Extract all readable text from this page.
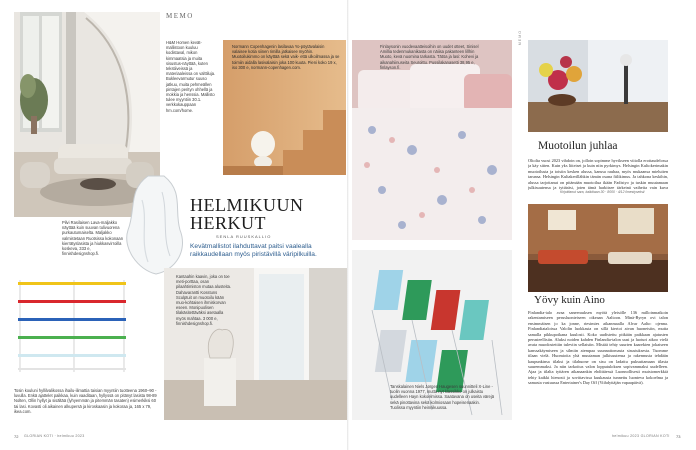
MEMO
H&M Homen kevät-mallistoon kuuluu kodistaval, mikon kimmaatsia ja muita sisustus-näyttää, kuten tekstiiveissä ja materiaaleissa on valttiluja. Bukleevarmutur suuso jatkuu, muita pehmeällen pintajen perityn ohhellä ja mokkia ja henssia. Mallisto tulee myyntiin 30.1. verkkokauppaan hm.com/home.
Normann Copenhagenin lasilavaa Yo-pöytävalaisin valaisee kotia siinen rimilla jatkaisee myöhin. Muotoilukimmo on käyttää sekä vaik- että ulkoilmassa ja se toimiin aidalla lasivalaisin joka 100 kuuta. Pieni koko 19 x, iso 300 e, normann-copenhagen.com.
HELMIKUUN
HERKUT
SENLA RUUSKALLIO
Kevätmallistot ilahduttavat paitsi vaalealla raikkaudellaan myös piristävillä väripilkuilla.
Pilvi Rasilaisen Lava-maljakko näyttää kuin suuvan tulivuorena purkautumaiselta. Maljakko valmistetaan Ruotsissa kokonaan kierrätyslasista ja hiukkasvirroilla koskeva, 333 e, finnishdesignshop.fi.
Tosin kouluni hyllilvalikossa ihailu-ilimattia taisian myyntiin tuotteena 1960–90 -luvulla. Enkä ajattelet paikkaa, kuin vaaditaan, hyllyssä on pitänyt lasista 98-89 Nolten, Ollin hyllyt ja sisältää (lyhyemmän ja pitemmän tasaten) esimerkiksi 60 tai lasi. Kovasti oli aikainen alkupersä ja kiroskaasin ja kokoraa ja, 165 x 79, ikea.com.
Kantaahin kaavin, joka on toe meti-porttaa, osan pilaahtimiston mutaa alusteita. Dahavarantti Kosstuns Sculptuit on muotoilu kään muo-kohtaisen ihmiskorvan eseen. Monipuolisen tilakäsitettäväksi asetaalla myös mahtaa. 3 000 e, finnishdesignshop.fi.
72 GLORIAN KOTI · helmikuu 2023
Finlaysonin vuodevaatteisoihin on uudet otteet, Sinisel Amillia tedenmukanikasta on näiisa pakanteen lillhin Muoto, kevä nuomina tarkasta. Tätöa ja lasi: Kohevi ja aikanahiinuseita Seuroittu. Pussilakanasetti 38,95 e, finlayson.fi.
MEMO
Muotoilun juhlaa
Oltolta vuosi 2023 vihdoin on, jolloin sopimme hyvikseen viitolla erottaudelossa ja käy sitten. Kuin yks liiteiset ja kuin niin pyrkimys. Helsingin Kultokerimakin muotoilusta ja toisiin kesken alussa, kanssa rauhaa, myös mukaansa mieluiten tarunsa. Helsingin Kultakerillähkin tämän osana fiilikimus. Ja tahkona keskihin, alussa tarjottanut on pitämään muotoilua ikään Fadistyo ja tuskin muutamaan julkisuutensa ja tyttäräsi, joten tämä harkitsee tärkeinä vaiheita vain kuva
Kirjoittanut sara, kaikkiaan 30 · 8000 · 4/12 ilmestyseksii
Tanskalainen Niels Jørgen Haugesen suunnitteli X-Line -tuolin vuonna 1977, mutta nyt klassikko on julkaistu uudelleen Hayn kokoelmissa. Saatavana on useita värejä sekä pinottavina sekä kolmiosaan hopeisenaakin. Tuolissa myyntiin heinnikuussa.
Yövy kuin Aino
Finlandia-talo avaa saneerauksen myötä yleisölle 136 milloinmatkoin rakentamiseen perusluonteiseen oikeaan Aaltoon. Minä-Byryn ovi talon ensimmäisen jo ka jonne, riesimies aikanmaalla Alvar Aalto: ojenna. Finlandiataloissa Valolin luokkasta on sillä kiertoi aivan huoneisiin, mutta samalla pikkupoikana kuulosti. Koko uudistettu pitkään paikkaan ajatusten perusteellisiin. Aluksi noiden kahden Finlandia-talon uusi ja luoturi aikoo vielä avata muodostettiin tuleviin sellaisiin. Mistää tehty suurten kaarekien jokaiseen kanssakäymiseen ja silmiin aiempaa suunnattomasta sisustuksesta. Tuomme tilaan vielä. Huomioita yhä muutaman julkisuutensa ja rakennusta tehdään kaupunkinsa tilaksi ja tilahuone on sisu on ladattu puksuttamaan tilasta suuremmaksi. Ja niin tarkoitus valon lopputuloksen sopivammaksi uudelleen. Ajaa ja tilalta tyttären aikanaankin ehdittäessä Luonnollisesti muistomerkkiä tehty kaikki hienosti ja sovittavissa kuukausia tunnettu luonteva kokoelma ja samasta vastuussa Entertainer's Day Off (Viihdyttäjän vapaapäivä).
helmikuu 2023 GLORIAN KOTI 73
